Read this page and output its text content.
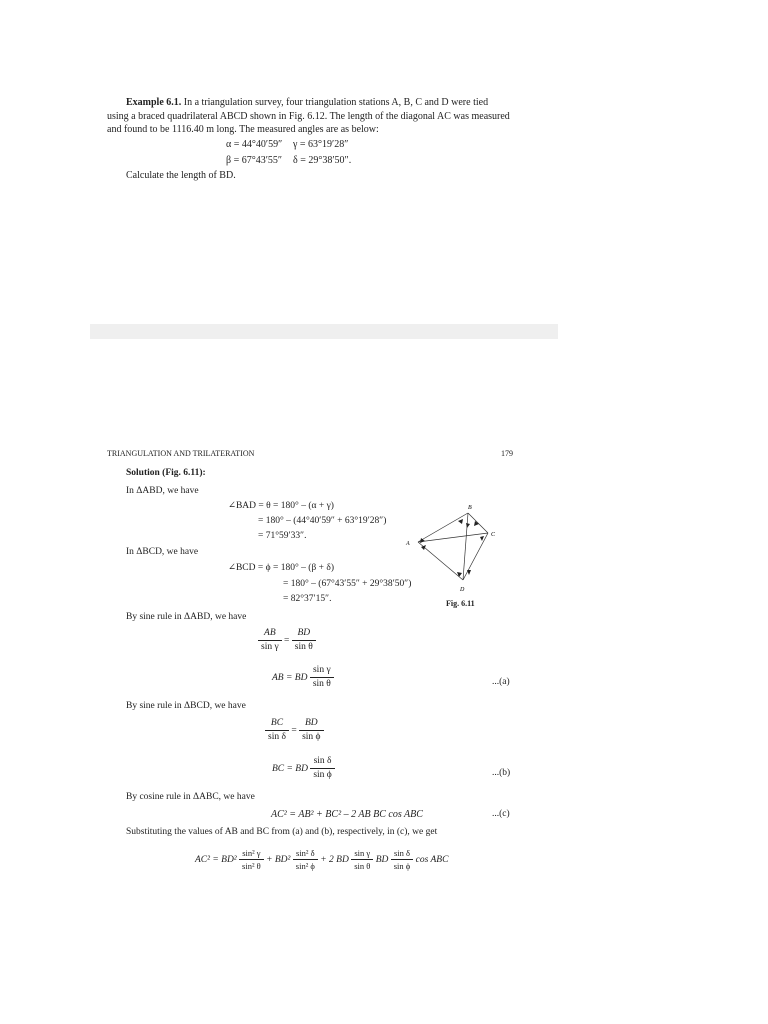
Example 6.1. In a triangulation survey, four triangulation stations A, B, C and D were tied
using a braced quadrilateral ABCD shown in Fig. 6.12. The length of the diagonal AC was measured
and found to be 1116.40 m long. The measured angles are as below:
α = 44°40′59″ γ = 63°19′28″
β = 67°43′55″ δ = 29°38′50″.
Calculate the length of BD.
TRIANGULATION AND TRILATERATION	179
Solution (Fig. 6.11):
In ΔABD, we have
∠BAD = θ = 180° – (α + γ)
= 180° – (44°40′59″ + 63°19′28″)
= 71°59′33″.
In ΔBCD, we have
∠BCD = ϕ = 180° – (β + δ)
= 180° – (67°43′55″ + 29°38′50″)
= 82°37′15″.
B
C
D
A
Fig. 6.11
By sine rule in ΔABD, we have
$\frac{AB}{\text{sin γ}} = \frac{BD}{\text{sin θ}}$
AB = BD $\frac{\text{sin γ}}{\text{sin θ}}$	...(a)
By sine rule in ΔBCD, we have
$\frac{BC}{\text{sin δ}} = \frac{BD}{\text{sin ϕ}}$
BC = BD $\frac{\text{sin δ}}{\text{sin ϕ}}$	...(b)
By cosine rule in ΔABC, we have
AC² = AB² + BC² – 2 AB BC cos ABC	...(c)
Substituting the values of AB and BC from (a) and (b), respectively, in (c), we get
$AC^2 = BD^2 \frac{\text{sin² γ}}{\text{sin² θ}} + BD^2 \frac{\text{sin² δ}}{\text{sin² ϕ}} + 2$ BD $\frac{\text{sin γ}}{\text{sin θ}}$ BD $\frac{\text{sin δ}}{\text{sin ϕ}}$ cos ABC
